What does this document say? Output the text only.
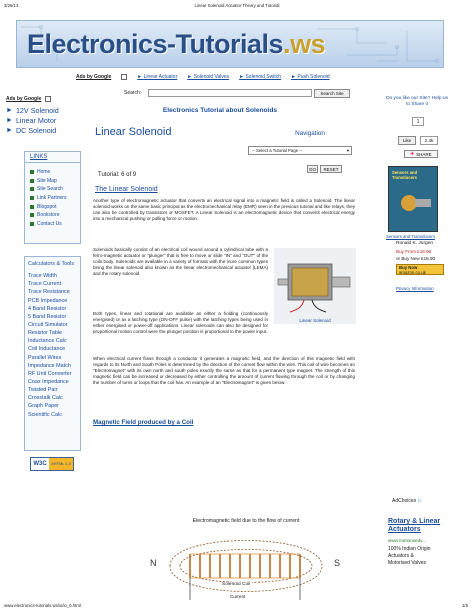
3/26/13	Linear Solenoid Actuator Theory and Tutorial
Electronics-Tutorials.ws
Ads by Google	► Linear Actuator ► Solenoid Valves ► Solenoid Switch ► Push Solenoid
Ads by Google
► 12V Solenoid
► Linear Motor
► DC Solenoid
LINKS
Home
Site Map
Site Search
Link Partners
Blogspot
Bookstore
Contact Us
Calculators & Tools
Trace Width
Trace Current
Trace Resistance
PCB Impedance
4 Band Resistor
5 Band Resistor
Circuit Simulator
Resistor Table
Inductance Calc
Coil Inductance
Parallel Wires
Impedance Match
RF Unit Converter
Coax Impedance
Twisted Pair
Crosstalk Calc
Graph Paper
Scientific Calc
W3C	XHTML 1.0
Search:	Search Site
Electronics Tutorial about Solenoids
Linear Solenoid	Navigation
-- Select a Tutorial Page --	▾
GO	RESET
Tutorial: 6 of 9
The Linear Solenoid

Another type of electromagnetic actuator that converts an electrical signal into a magnetic field is called a Solenoid. The linear solenoid works on the same basic principal as the electromechanical relay (EMR) seen in the previous tutorial and like relays, they can also be controlled by transistors or MOSFET. A Linear Solenoid is an electromagnetic device that converts electrical energy into a mechanical pushing or pulling force or motion.

Solenoids basically consist of an electrical coil wound around a cylindrical tube with a ferro-magnetic actuator or "plunger" that is free to move or slide "IN" and "OUT" of the coils body. Solenoids are available in a variety of formats with the more common types being the linear solenoid also known as the linear electromechanical actuator (LEMA) and the rotary solenoid.

Both types, linear and rotational are available as either a holding (continuously energised) or as a latching type (ON-OFF pulse) with the latching types being used in either energised or power-off applications. Linear solenoids can also be designed for proportional motion control were the plunger position is proportional to the power input.

Linear Solenoid

When electrical current flows through a conductor it generates a magnetic field, and the direction of this magnetic field with regards to its North and South Poles is determined by the direction of the current flow within the wire. This coil of wire becomes an "Electromagnet" with its own north and south poles exactly the same as that for a permanent type magnet. The strength of this magnetic field can be increased or decreased by either controlling the amount of current flowing through the coil or by changing the number of turns or loops that the coil has. An example of an "Electromagnet" is given below.

Magnetic Field produced by a Coil
Electromagnetic field due to the flow of current
N	S
Solenoid Coil
Current
Do you like our Site? Help us to Share it
1
Like	2.4k
✚ SHARE
Sensors and Transducers
Sensors and Transducers
Ronald K. Jurgen
Buy From £16.90
or Buy New £16.90
Buy Now
amazon.co.uk
Privacy Information
AdChoices ▷
Rotary & Linear Actuators
www.motionsedv...
100% Indian Origin
Actuators &
Motorised Valves
www.electronics-tutorials.ws/io/io_6.html	1/5
